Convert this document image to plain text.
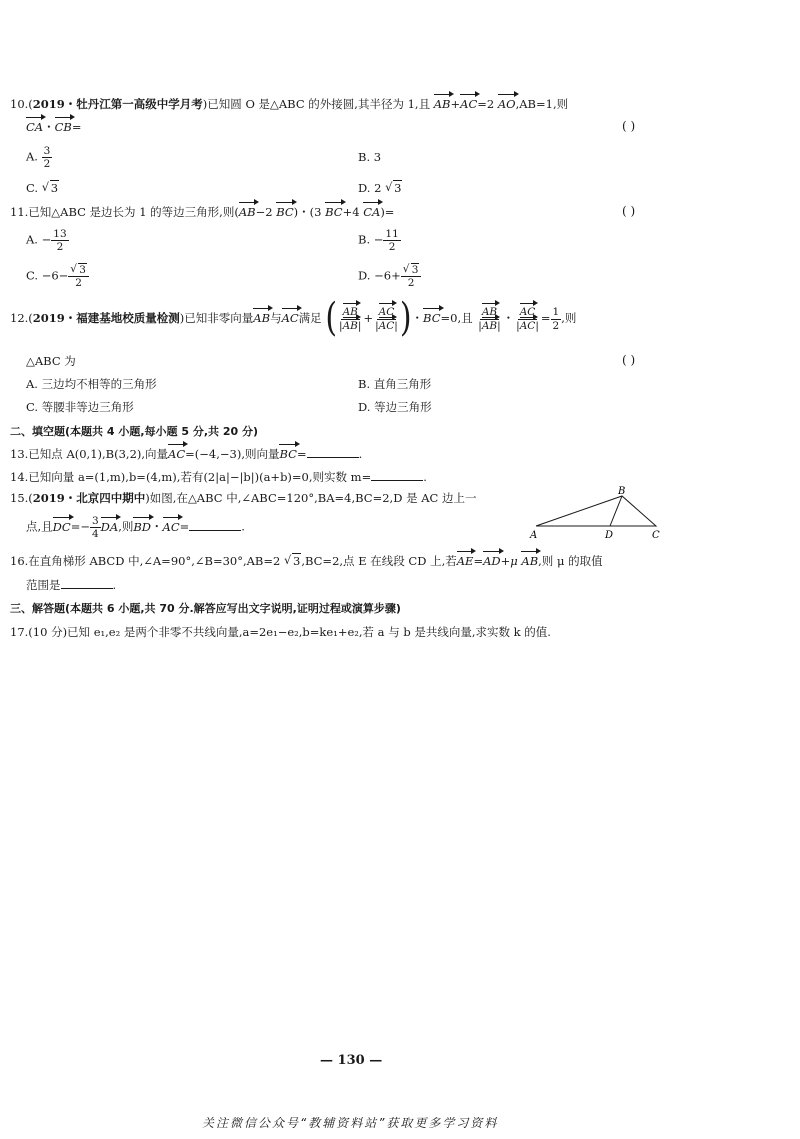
10.(2019・牡丹江第一高级中学月考)已知圆 O 是△ABC 的外接圆,其半径为 1,且 AB+AC=2 AO,AB=1,则
CA・CB=	( )
A. $\frac{3}{2}$	B. 3
C. √ 3	D. 2 √ 3
11.已知△ABC 是边长为 1 的等边三角形,则(AB−2 BC)・(3 BC+4 CA)=	( )
A. − $\frac{13}{2}$	B. − $\frac{11}{2}$
C. −6− √ $\frac{3}{2}$	D. −6+ √ $\frac{3}{2}$
12.(2019・福建基地校质量检测)已知非零向量AB与AC满足 ( $\frac{AB}{|AB|} + \frac{AC}{|AC|}$ )・BC=0,且 $\frac{AB}{|AB|}$ ・ $\frac{AC}{|AC|} = \frac{1}{2}$ ,则
△ABC 为	( )
A. 三边均不相等的三角形	B. 直角三角形
C. 等腰非等边三角形	D. 等边三角形
二、填空题(本题共 4 小题,每小题 5 分,共 20 分)
13.已知点 A(0,1),B(3,2),向量AC=(−4,−3),则向量BC=	.
14.已知向量 a=(1,m),b=(4,m),若有(2|a|−|b|)(a+b)=0,则实数 m=	.
15.(2019・北京四中期中)如图,在△ABC 中,∠ABC=120°,BA=4,BC=2,D 是 AC 边上一
点,且$DC=- \frac{3}{4}$ DA,则BD・AC=	.
B
A	D	C
16.在直角梯形 ABCD 中,∠A=90°,∠B=30°,AB=2 √ 3,BC=2,点 E 在线段 CD 上,若AE=AD+μ AB,则 μ 的取值
范围是	.
三、解答题(本题共 6 小题,共 70 分.解答应写出文字说明,证明过程或演算步骤)
17.(10 分)已知 e₁,e₂ 是两个非零不共线向量,a=2e₁−e₂,b=ke₁+e₂,若 a 与 b 是共线向量,求实数 k 的值.
— 130 —
关注微信公众号“教辅资料站”获取更多学习资料
